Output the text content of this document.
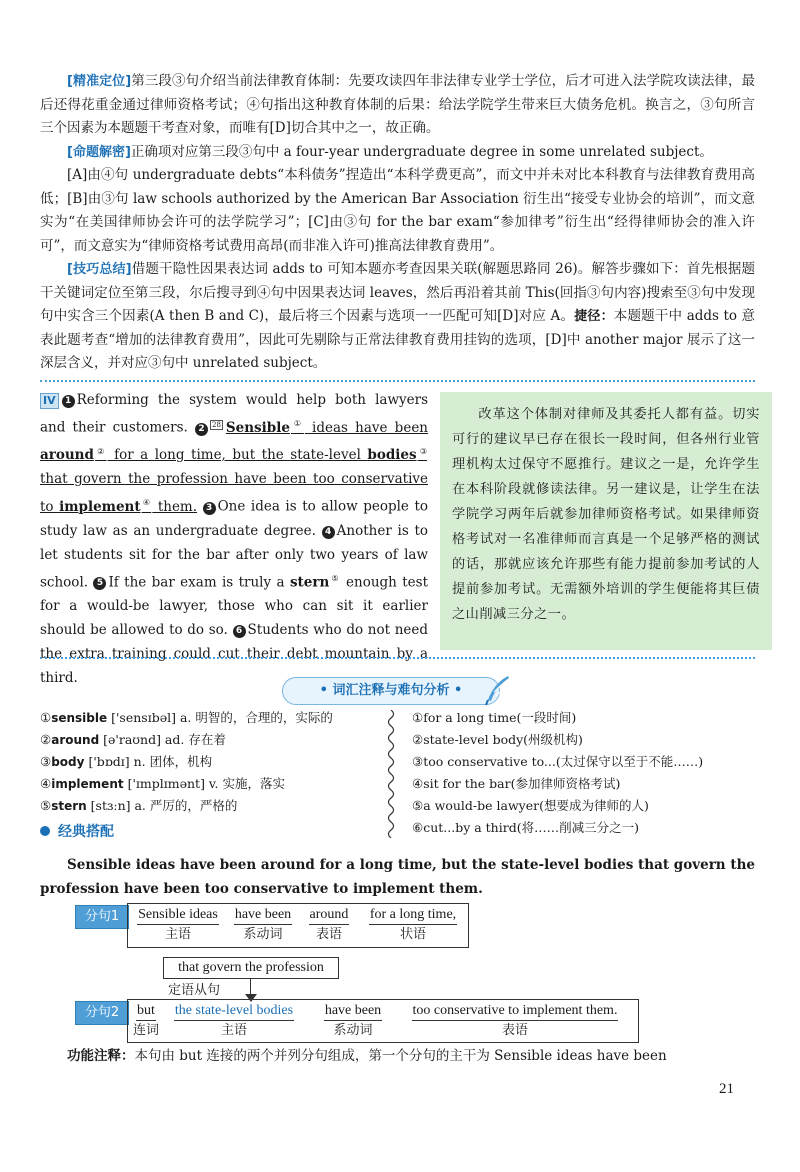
[精准定位]第三段③句介绍当前法律教育体制：先要攻读四年非法律专业学士学位，后才可进入法学院攻读法律，最后还得花重金通过律师资格考试；④句指出这种教育体制的后果：给法学院学生带来巨大债务危机。换言之，③句所言三个因素为本题题干考查对象，而唯有[D]切合其中之一，故正确。

[命题解密]正确项对应第三段③句中 a four-year undergraduate degree in some unrelated subject。

[A]由④句 undergraduate debts“本科债务”捏造出“本科学费更高”，而文中并未对比本科教育与法律教育费用高低；[B]由③句 law schools authorized by the American Bar Association 衍生出“接受专业协会的培训”，而文意实为“在美国律师协会许可的法学院学习”；[C]由③句 for the bar exam“参加律考”衍生出“经得律师协会的准入许可”，而文意实为“律师资格考试费用高昂(而非准入许可)推高法律教育费用”。

[技巧总结]借题干隐性因果表达词 adds to 可知本题亦考查因果关联(解题思路同 26)。解答步骤如下：首先根据题干关键词定位至第三段，尔后搜寻到④句中因果表达词 leaves，然后再沿着其前 This(回指③句内容)搜索至③句中发现句中实含三个因素(A then B and C)，最后将三个因素与选项一一匹配可知[D]对应 A。捷径：本题题干中 adds to 意表此题考查“增加的法律教育费用”，因此可先剔除与正常法律教育费用挂钩的选项，[D]中 another major 展示了这一深层含义，并对应③句中 unrelated subject。

IV 1 Reforming the system would help both lawyers and their customers. 2 28 Sensible① ideas have been around② for a long time, but the state-level bodies③ that govern the profession have been too conservative to implement④ them. 3 One idea is to allow people to study law as an undergraduate degree. 4 Another is to let students sit for the bar after only two years of law school. 5 If the bar exam is truly a stern⑤ enough test for a would-be lawyer, those who can sit it earlier should be allowed to do so. 6 Students who do not need the extra training could cut their debt mountain by a third.
改革这个体制对律师及其委托人都有益。切实可行的建议早已存在很长一段时间，但各州行业管理机构太过保守不愿推行。建议之一是，允许学生在本科阶段就修读法律。另一建议是，让学生在法学院学习两年后就参加律师资格考试。如果律师资格考试对一名准律师而言真是一个足够严格的测试的话，那就应该允许那些有能力提前参加考试的人提前参加考试。无需额外培训的学生便能将其巨债之山削减三分之一。
• 词汇注释与难句分析 •
①sensible ['sensɪbəl] a. 明智的，合理的，实际的
②around [ə'raʊnd] ad. 存在着
③body ['bɒdɪ] n. 团体，机构
④implement ['ɪmplɪmənt] v. 实施，落实
⑤stern [stɜːn] a. 严厉的，严格的
①for a long time(一段时间)
②state-level body(州级机构)
③too conservative to...(太过保守以至于不能……)
④sit for the bar(参加律师资格考试)
⑤a would-be lawyer(想要成为律师的人)
⑥cut...by a third(将……削减三分之一)
经典搭配
Sensible ideas have been around for a long time, but the state-level bodies that govern the profession have been too conservative to implement them.
分句1	Sensible ideas
主语
have been
系动词
around
表语
for a long time,
状语
that govern the profession
定语从句
分句2	but
连词
the state-level bodies
主语
have been
系动词
too conservative to implement them.
表语
功能注释：本句由 but 连接的两个并列分句组成，第一个分句的主干为 Sensible ideas have been
21
